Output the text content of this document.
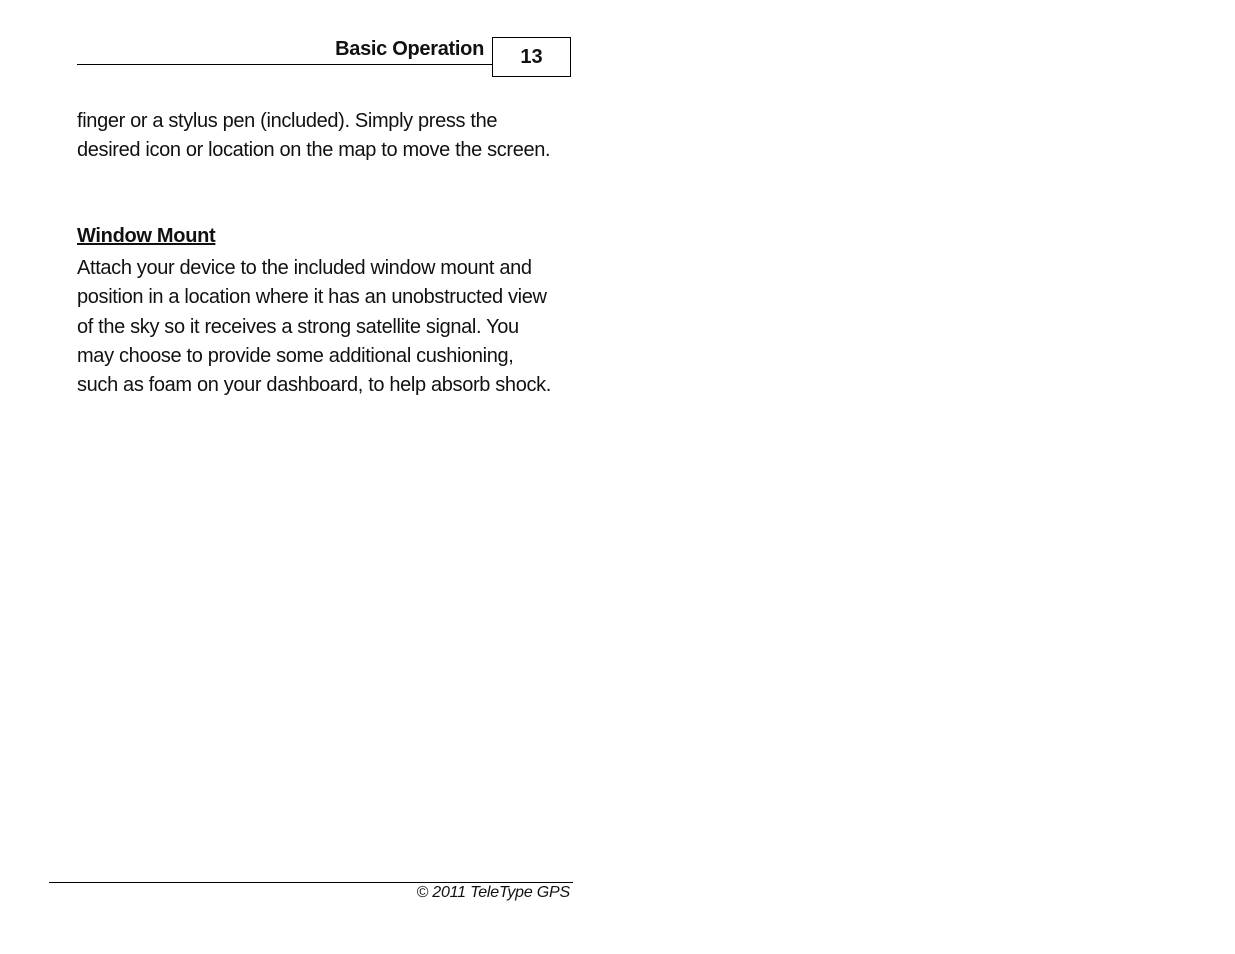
Basic Operation 13
finger or a stylus pen (included). Simply press the desired icon or location on the map to move the screen.
Window Mount
Attach your device to the included window mount and position in a location where it has an unobstructed view of the sky so it receives a strong satellite signal. You may choose to provide some additional cushioning, such as foam on your dashboard, to help absorb shock.
© 2011 TeleType GPS
